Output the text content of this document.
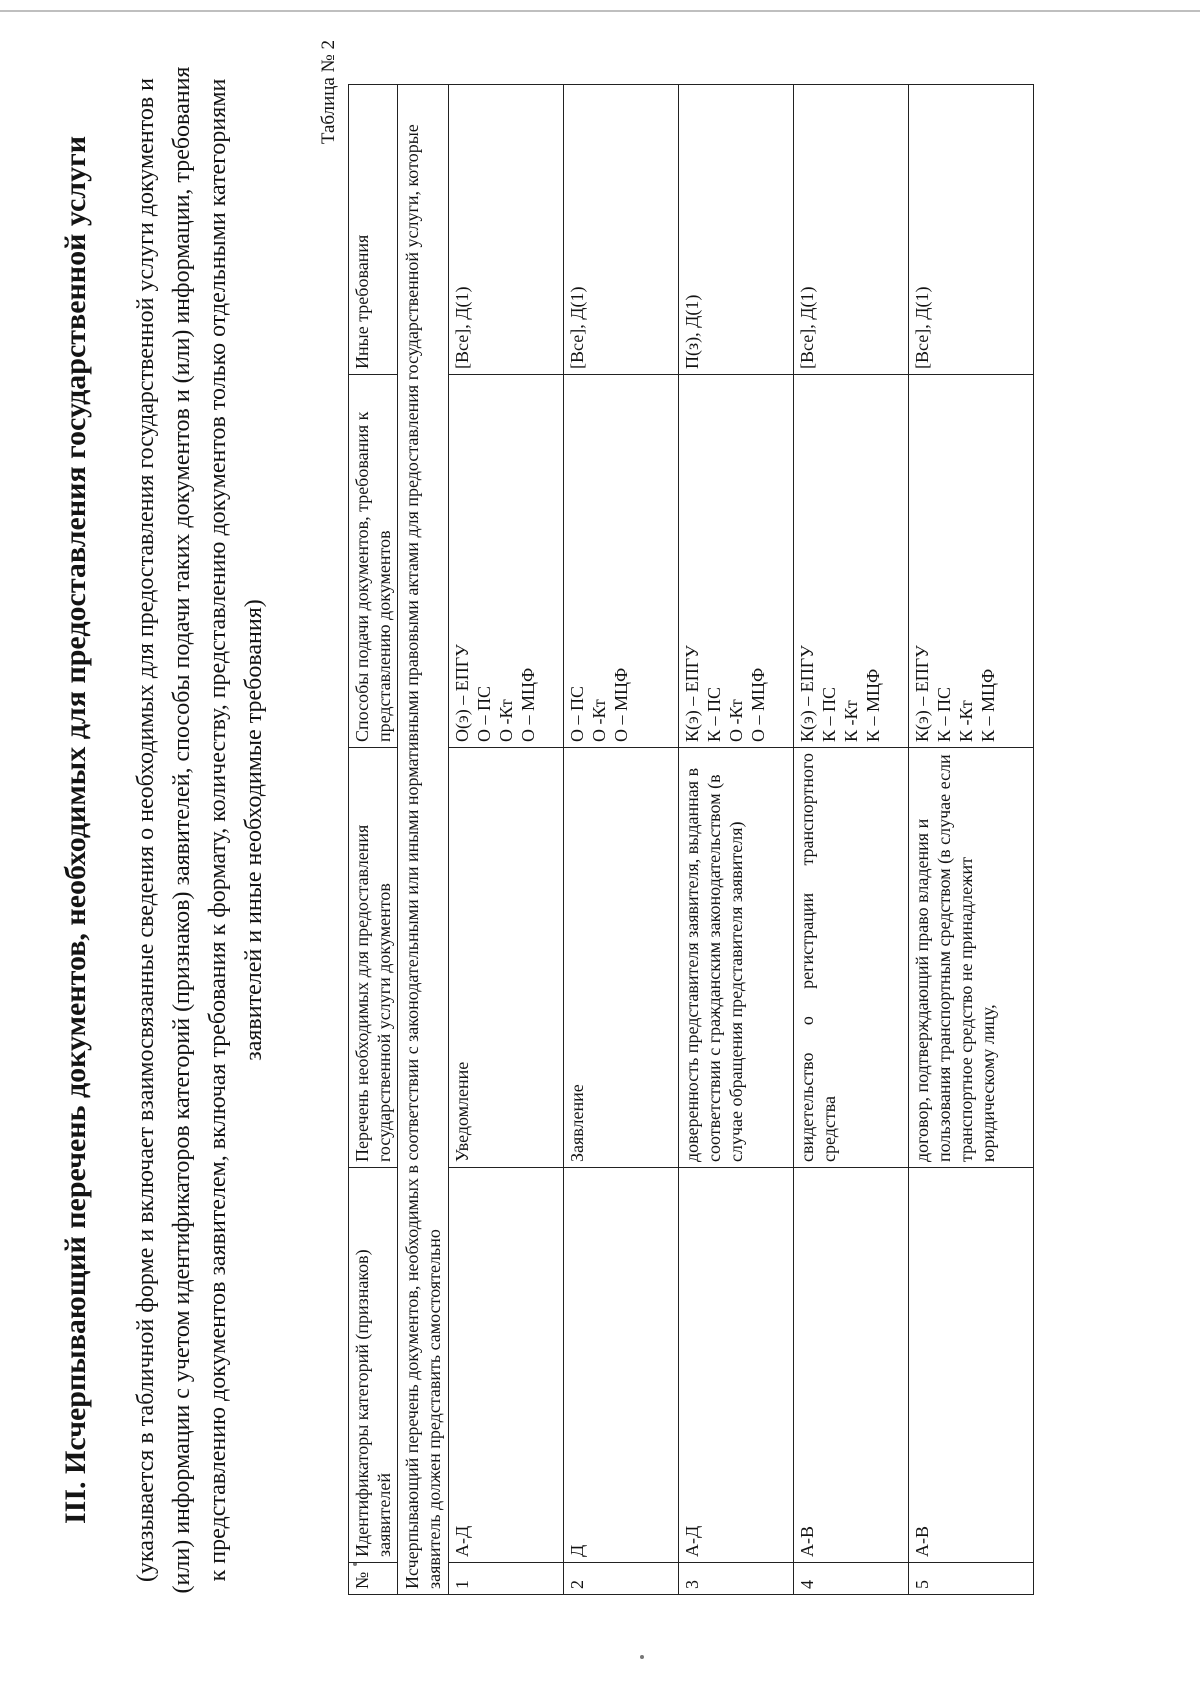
III. Исчерпывающий перечень документов, необходимых для предоставления государственной услуги (указывается в табличной форме и включает взаимосвязанные сведения о необходимых для предоставления государственной услуги документов и (или) информации с учетом идентификаторов категорий (признаков) заявителей, способы подачи таких документов и (или) информации, требования к представлению документов заявителем, включая требования к формату, количеству, представлению документов только отдельными категориями заявителей и иные необходимые требования)
Таблица № 2
№	Идентификаторы категорий (признаков) заявителей	Перечень необходимых для предоставления государственной услуги документов	Способы подачи документов, требования к представлению документов	Иные требования
Исчерпывающий перечень документов, необходимых в соответствии с законодательными или иными нормативными правовыми актами для предоставления государственной услуги, которые заявитель должен представить самостоятельно				
1	А-Д	Уведомление	О(э) – ЕПГУ О – ПС О -Кт О – МЦФ	[Все], Д(1)
2	Д	Заявление	О – ПС О -Кт О – МЦФ	[Все], Д(1)
3	А-Д	доверенность представителя заявителя, выданная в соответствии с гражданским законодательством (в случае обращения представителя заявителя)	К(э) – ЕПГУ К – ПС О -Кт О – МЦФ	П(з), Д(1)
4	А-В	свидетельство о регистрации транспортного средства	К(э) – ЕПГУ К – ПС К -Кт К – МЦФ	[Все], Д(1)
5	А-В	договор, подтверждающий право владения и пользования транспортным средством (в случае если транспортное средство не принадлежит юридическому лицу,	К(э) – ЕПГУ К – ПС К -Кт К – МЦФ	[Все], Д(1)
